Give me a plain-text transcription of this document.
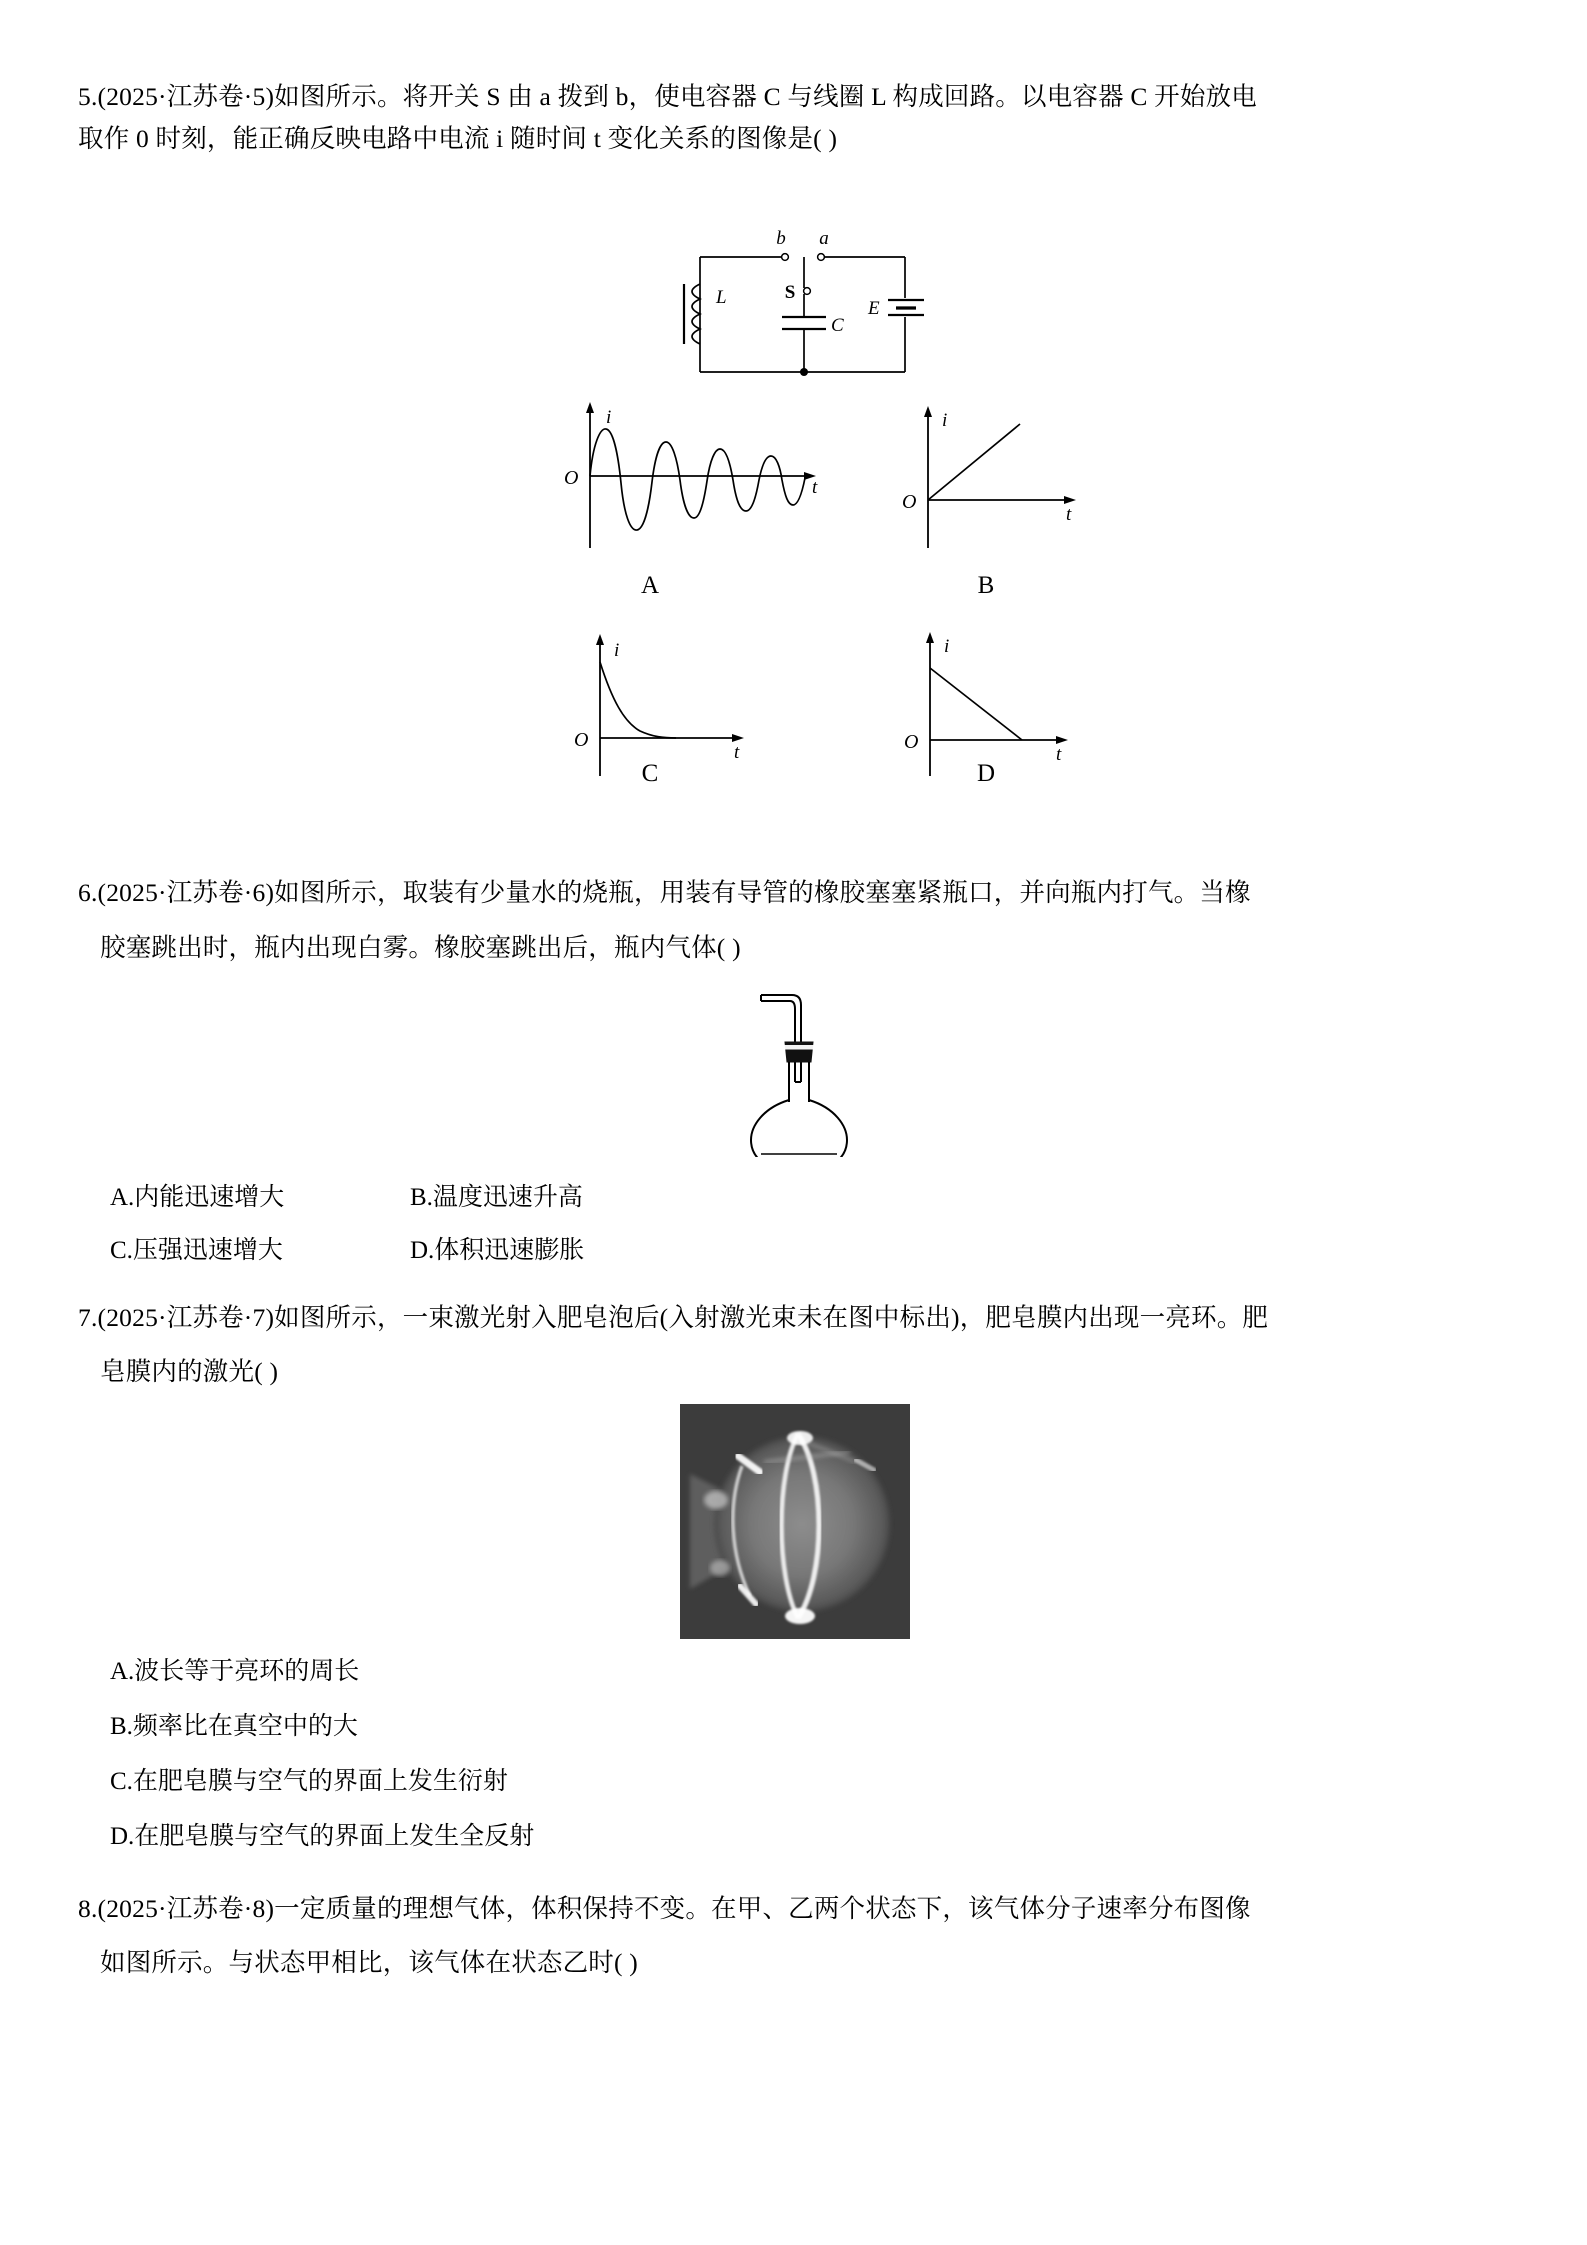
5.(2025·江苏卷·5)如图所示。将开关 S 由 a 拨到 b，使电容器 C 与线圈 L 构成回路。以电容器 C 开始放电
取作 0 时刻，能正确反映电路中电流 i 随时间 t 变化关系的图像是( )
b a
S
L
C
E
i
O	t
A
i
O
t
B
i
O
t
C
i
O
t
D
6.(2025·江苏卷·6)如图所示，取装有少量水的烧瓶，用装有导管的橡胶塞塞紧瓶口，并向瓶内打气。当橡
胶塞跳出时，瓶内出现白雾。橡胶塞跳出后，瓶内气体( )
A.内能迅速增大	B.温度迅速升高
C.压强迅速增大	D.体积迅速膨胀
7.(2025·江苏卷·7)如图所示，一束激光射入肥皂泡后(入射激光束未在图中标出)，肥皂膜内出现一亮环。肥
皂膜内的激光( )
A.波长等于亮环的周长
B.频率比在真空中的大
C.在肥皂膜与空气的界面上发生衍射
D.在肥皂膜与空气的界面上发生全反射
8.(2025·江苏卷·8)一定质量的理想气体，体积保持不变。在甲、乙两个状态下，该气体分子速率分布图像
如图所示。与状态甲相比，该气体在状态乙时( )
